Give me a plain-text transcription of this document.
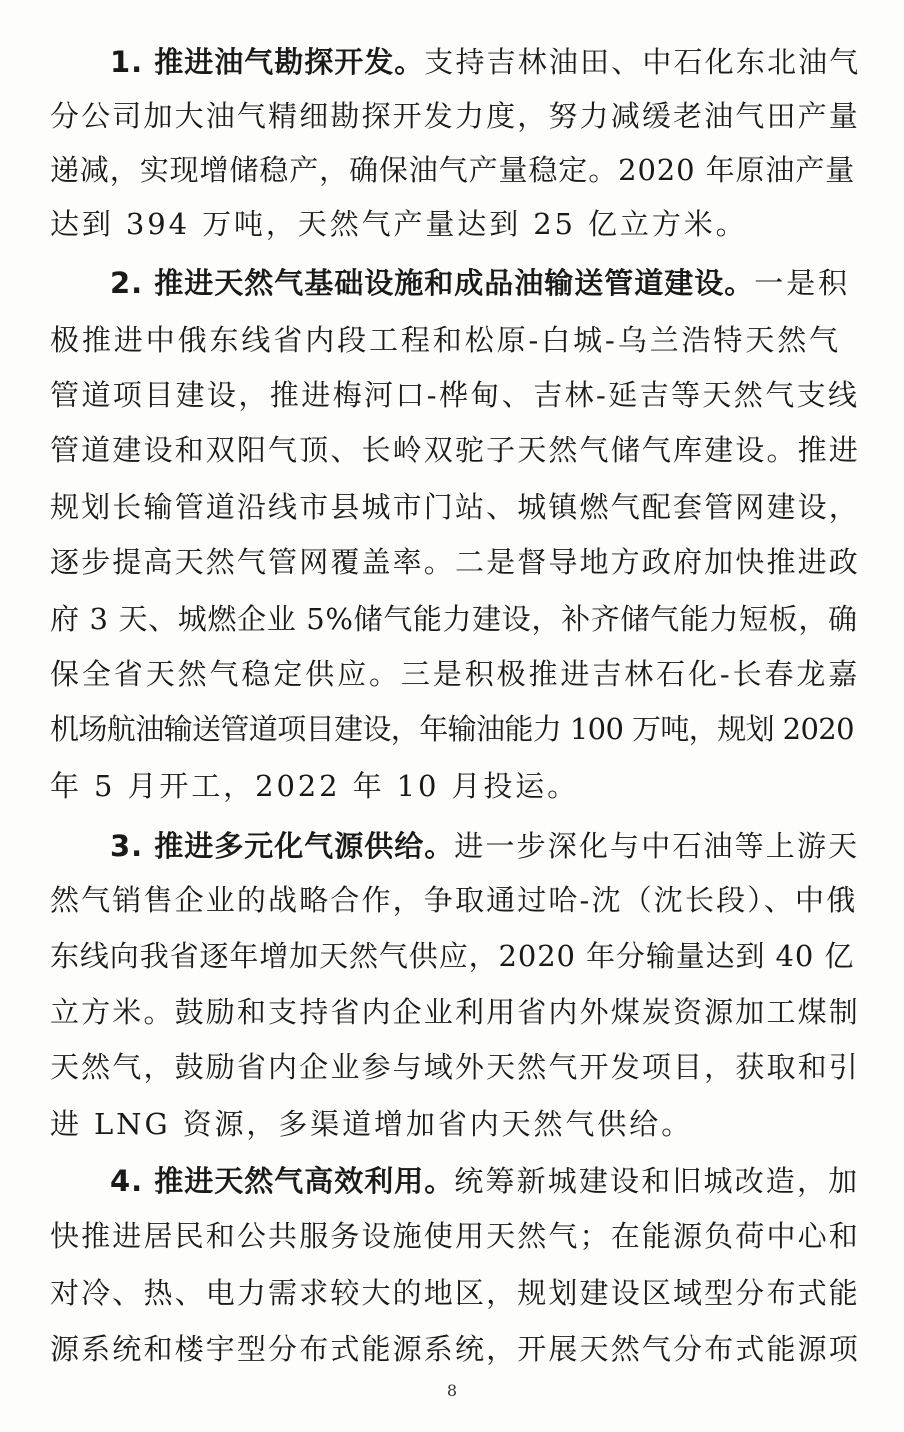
1. 推进油气勘探开发。支持吉林油田、中石化东北油气
分公司加大油气精细勘探开发力度，努力减缓老油气田产量
递减，实现增储稳产，确保油气产量稳定。2020 年原油产量
达到 394 万吨，天然气产量达到 25 亿立方米。
2. 推进天然气基础设施和成品油输送管道建设。一是积
极推进中俄东线省内段工程和松原-白城-乌兰浩特天然气
管道项目建设，推进梅河口-桦甸、吉林-延吉等天然气支线
管道建设和双阳气顶、长岭双驼子天然气储气库建设。推进
规划长输管道沿线市县城市门站、城镇燃气配套管网建设，
逐步提高天然气管网覆盖率。二是督导地方政府加快推进政
府 3 天、城燃企业 5%储气能力建设，补齐储气能力短板，确
保全省天然气稳定供应。三是积极推进吉林石化-长春龙嘉
机场航油输送管道项目建设，年输油能力 100 万吨，规划 2020
年 5 月开工，2022 年 10 月投运。
3. 推进多元化气源供给。进一步深化与中石油等上游天
然气销售企业的战略合作，争取通过哈-沈（沈长段）、中俄
东线向我省逐年增加天然气供应，2020 年分输量达到 40 亿
立方米。鼓励和支持省内企业利用省内外煤炭资源加工煤制
天然气，鼓励省内企业参与域外天然气开发项目，获取和引
进 LNG 资源，多渠道增加省内天然气供给。
4. 推进天然气高效利用。统筹新城建设和旧城改造，加
快推进居民和公共服务设施使用天然气；在能源负荷中心和
对冷、热、电力需求较大的地区，规划建设区域型分布式能
源系统和楼宇型分布式能源系统，开展天然气分布式能源项
8
